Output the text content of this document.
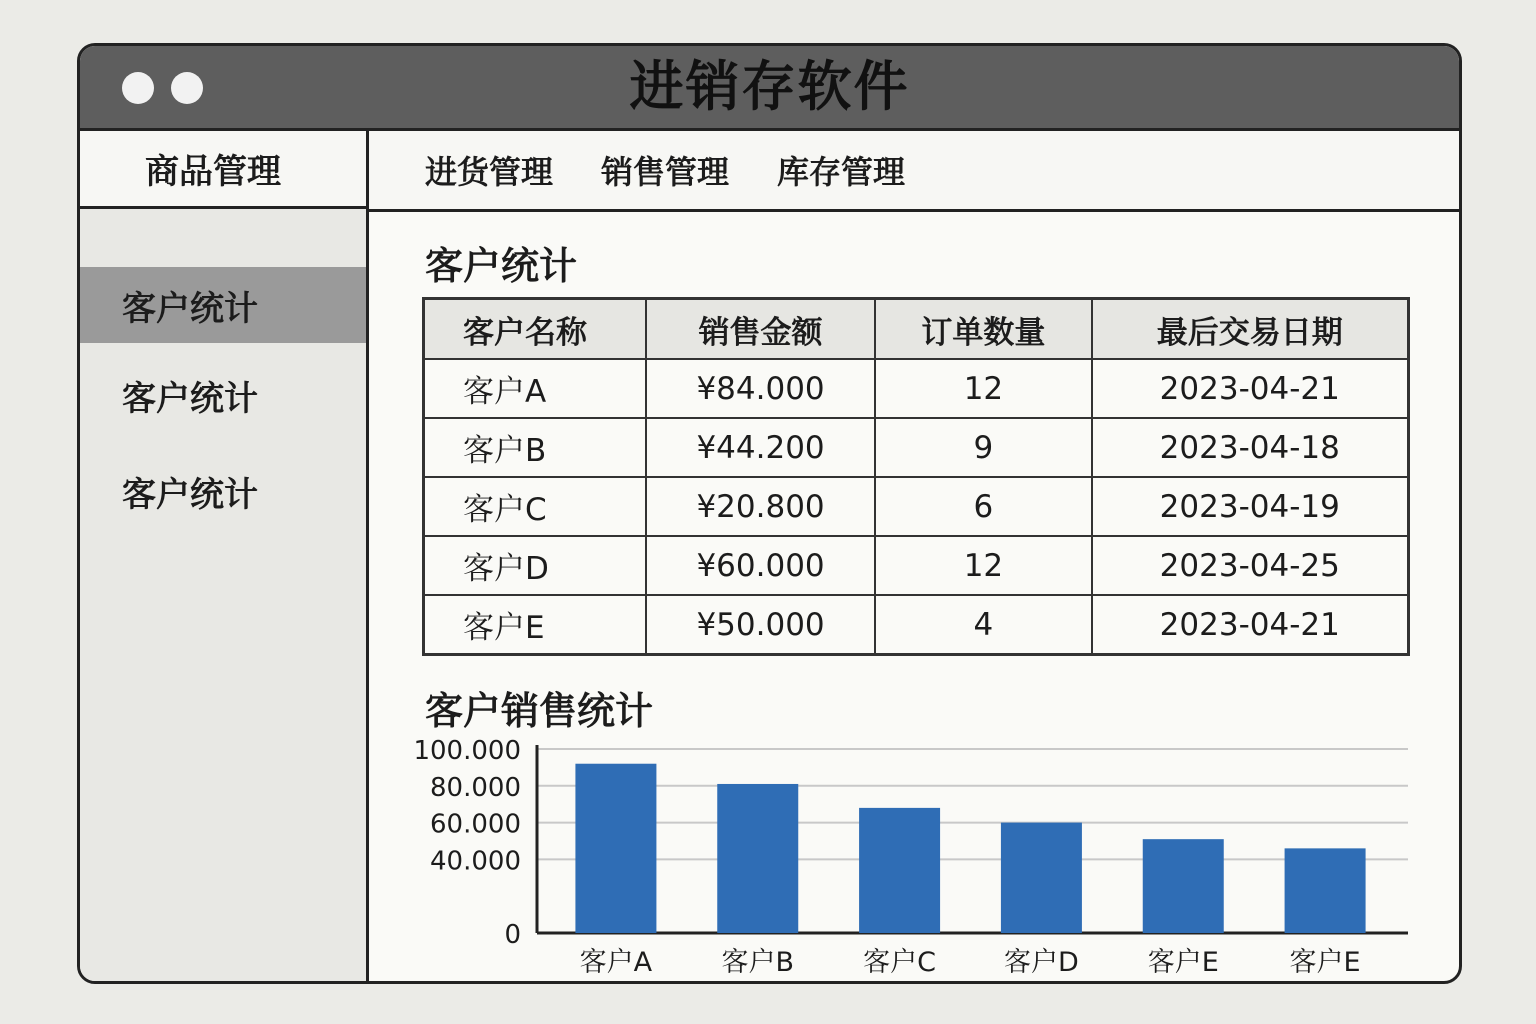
进销存软件
商品管理
客户统计
客户统计
客户统计
进货管理 销售管理 库存管理
客户统计
客户名称	销售金额	订单数量	最后交易日期
客户A	¥84.000	12	2023-04-21
客户B	¥44.200	9	2023-04-18
客户C	¥20.800	6	2023-04-19
客户D	¥60.000	12	2023-04-25
客户E	¥50.000	4	2023-04-21
客户销售统计
0
40.000
60.000
80.000
100.000
客户A	客户B	客户C	客户D	客户E	客户E
